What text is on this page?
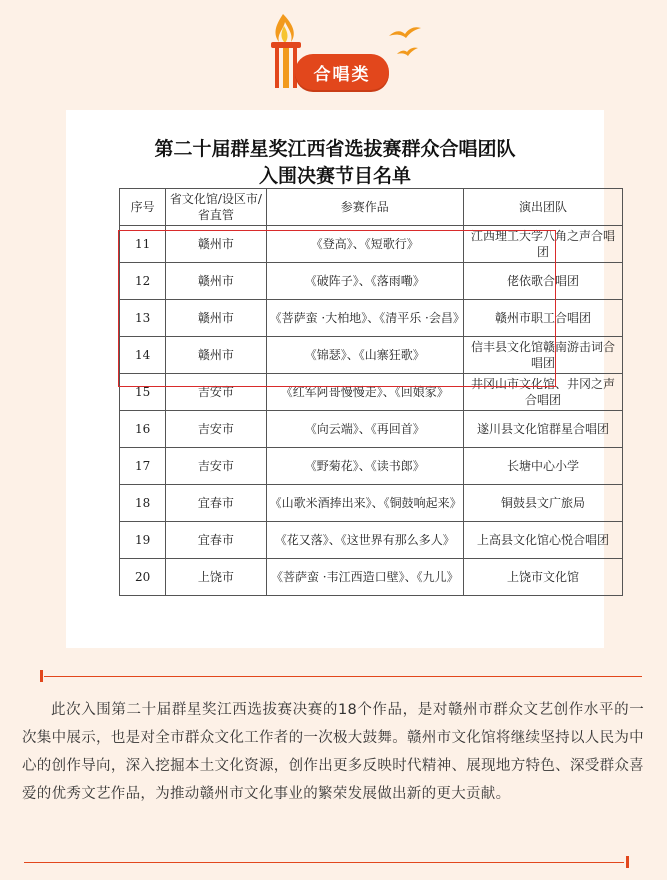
合唱类
第二十届群星奖江西省选拔赛群众合唱团队
入围决赛节目名单
序号	省文化馆/设区市/省直管	参赛作品	演出团队
11	赣州市	《登高》、《短歌行》	江西理工大学八角之声合唱团
12	赣州市	《破阵子》、《落雨嘞》	佬依歌合唱团
13	赣州市	《菩萨蛮 ·大柏地》、《清平乐 ·会昌》	赣州市职工合唱团
14	赣州市	《锦瑟》、《山寨狂歌》	信丰县文化馆赣南游击词合唱团
15	吉安市	《红军阿哥慢慢走》、《回娘家》	井冈山市文化馆、井冈之声合唱团
16	吉安市	《向云端》、《再回首》	遂川县文化馆群星合唱团
17	吉安市	《野菊花》、《读书郎》	长塘中心小学
18	宜春市	《山歌米酒捧出来》、《铜鼓响起来》	铜鼓县文广旅局
19	宜春市	《花又落》、《这世界有那么多人》	上高县文化馆心悦合唱团
20	上饶市	《菩萨蛮 ·韦江西造口壁》、《九儿》	上饶市文化馆
此次入围第二十届群星奖江西选拔赛决赛的18个作品，是对赣州市群众文艺创作水平的一次集中展示，也是对全市群众文化工作者的一次极大鼓舞。赣州市文化馆将继续坚持以人民为中心的创作导向，深入挖掘本土文化资源，创作出更多反映时代精神、展现地方特色、深受群众喜爱的优秀文艺作品，为推动赣州市文化事业的繁荣发展做出新的更大贡献。
